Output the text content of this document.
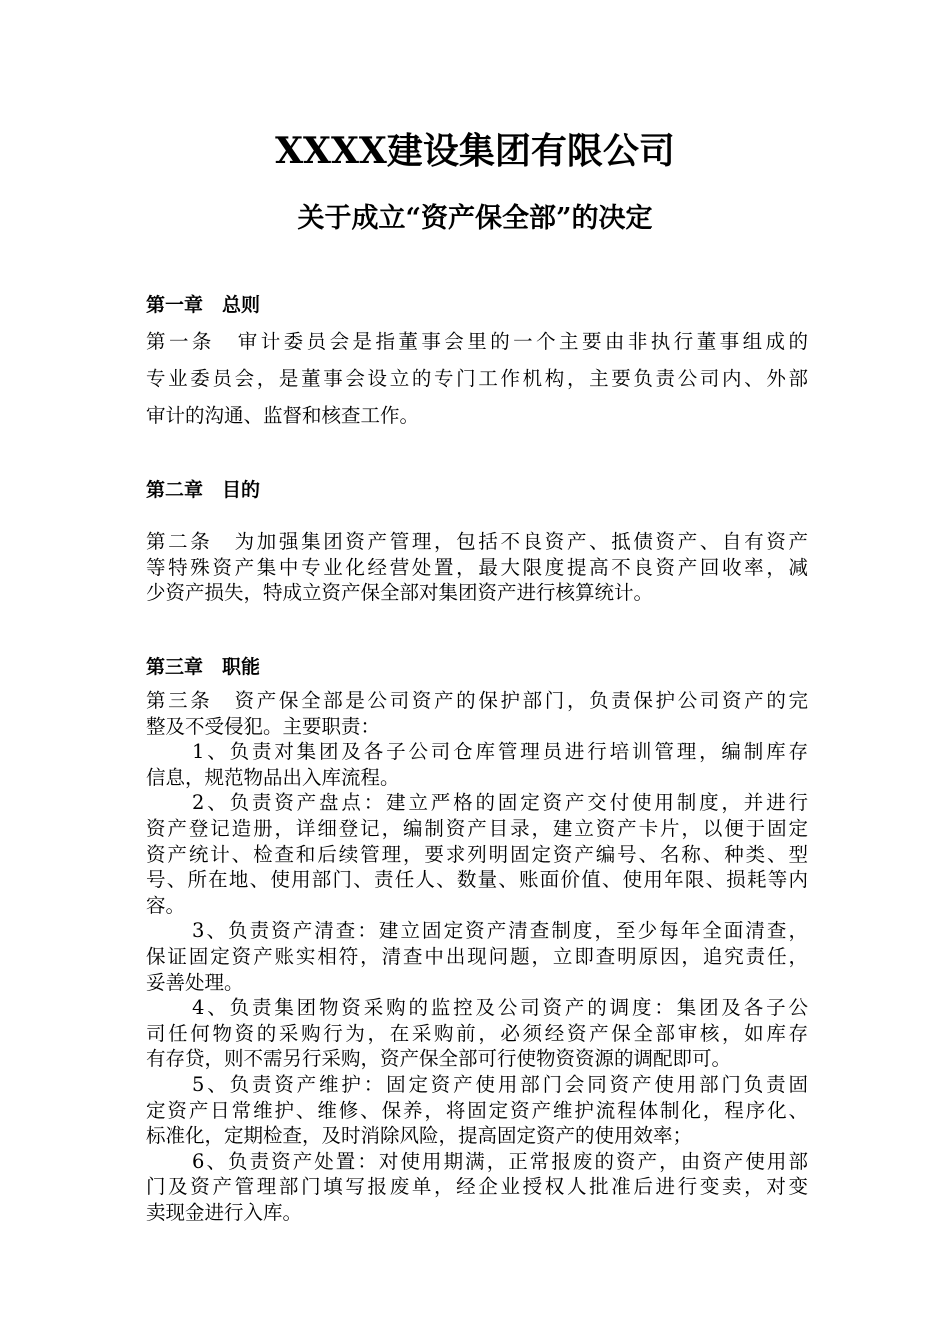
XXXX建设集团有限公司
关于成立“资产保全部”的决定
第一章　总则
第一条　审计委员会是指董事会里的一个主要由非执行董事组成的
专业委员会，是董事会设立的专门工作机构，主要负责公司内、外部
审计的沟通、监督和核查工作。
第二章　目的
第二条　为加强集团资产管理，包括不良资产、抵债资产、自有资产
等特殊资产集中专业化经营处置，最大限度提高不良资产回收率，减
少资产损失，特成立资产保全部对集团资产进行核算统计。
第三章　职能
第三条　资产保全部是公司资产的保护部门，负责保护公司资产的完
整及不受侵犯。主要职责：
1、负责对集团及各子公司仓库管理员进行培训管理，编制库存
信息，规范物品出入库流程。
2、负责资产盘点：建立严格的固定资产交付使用制度，并进行
资产登记造册，详细登记，编制资产目录，建立资产卡片，以便于固定
资产统计、检查和后续管理，要求列明固定资产编号、名称、种类、型
号、所在地、使用部门、责任人、数量、账面价值、使用年限、损耗等内
容。
3、负责资产清查：建立固定资产清查制度，至少每年全面清查，
保证固定资产账实相符，清查中出现问题，立即查明原因，追究责任，
妥善处理。
4、负责集团物资采购的监控及公司资产的调度：集团及各子公
司任何物资的采购行为，在采购前，必须经资产保全部审核，如库存
有存贷，则不需另行采购，资产保全部可行使物资资源的调配即可。
5、负责资产维护：固定资产使用部门会同资产使用部门负责固
定资产日常维护、维修、保养，将固定资产维护流程体制化，程序化、
标准化，定期检查，及时消除风险，提高固定资产的使用效率；
6、负责资产处置：对使用期满，正常报废的资产，由资产使用部
门及资产管理部门填写报废单，经企业授权人批准后进行变卖，对变
卖现金进行入库。
